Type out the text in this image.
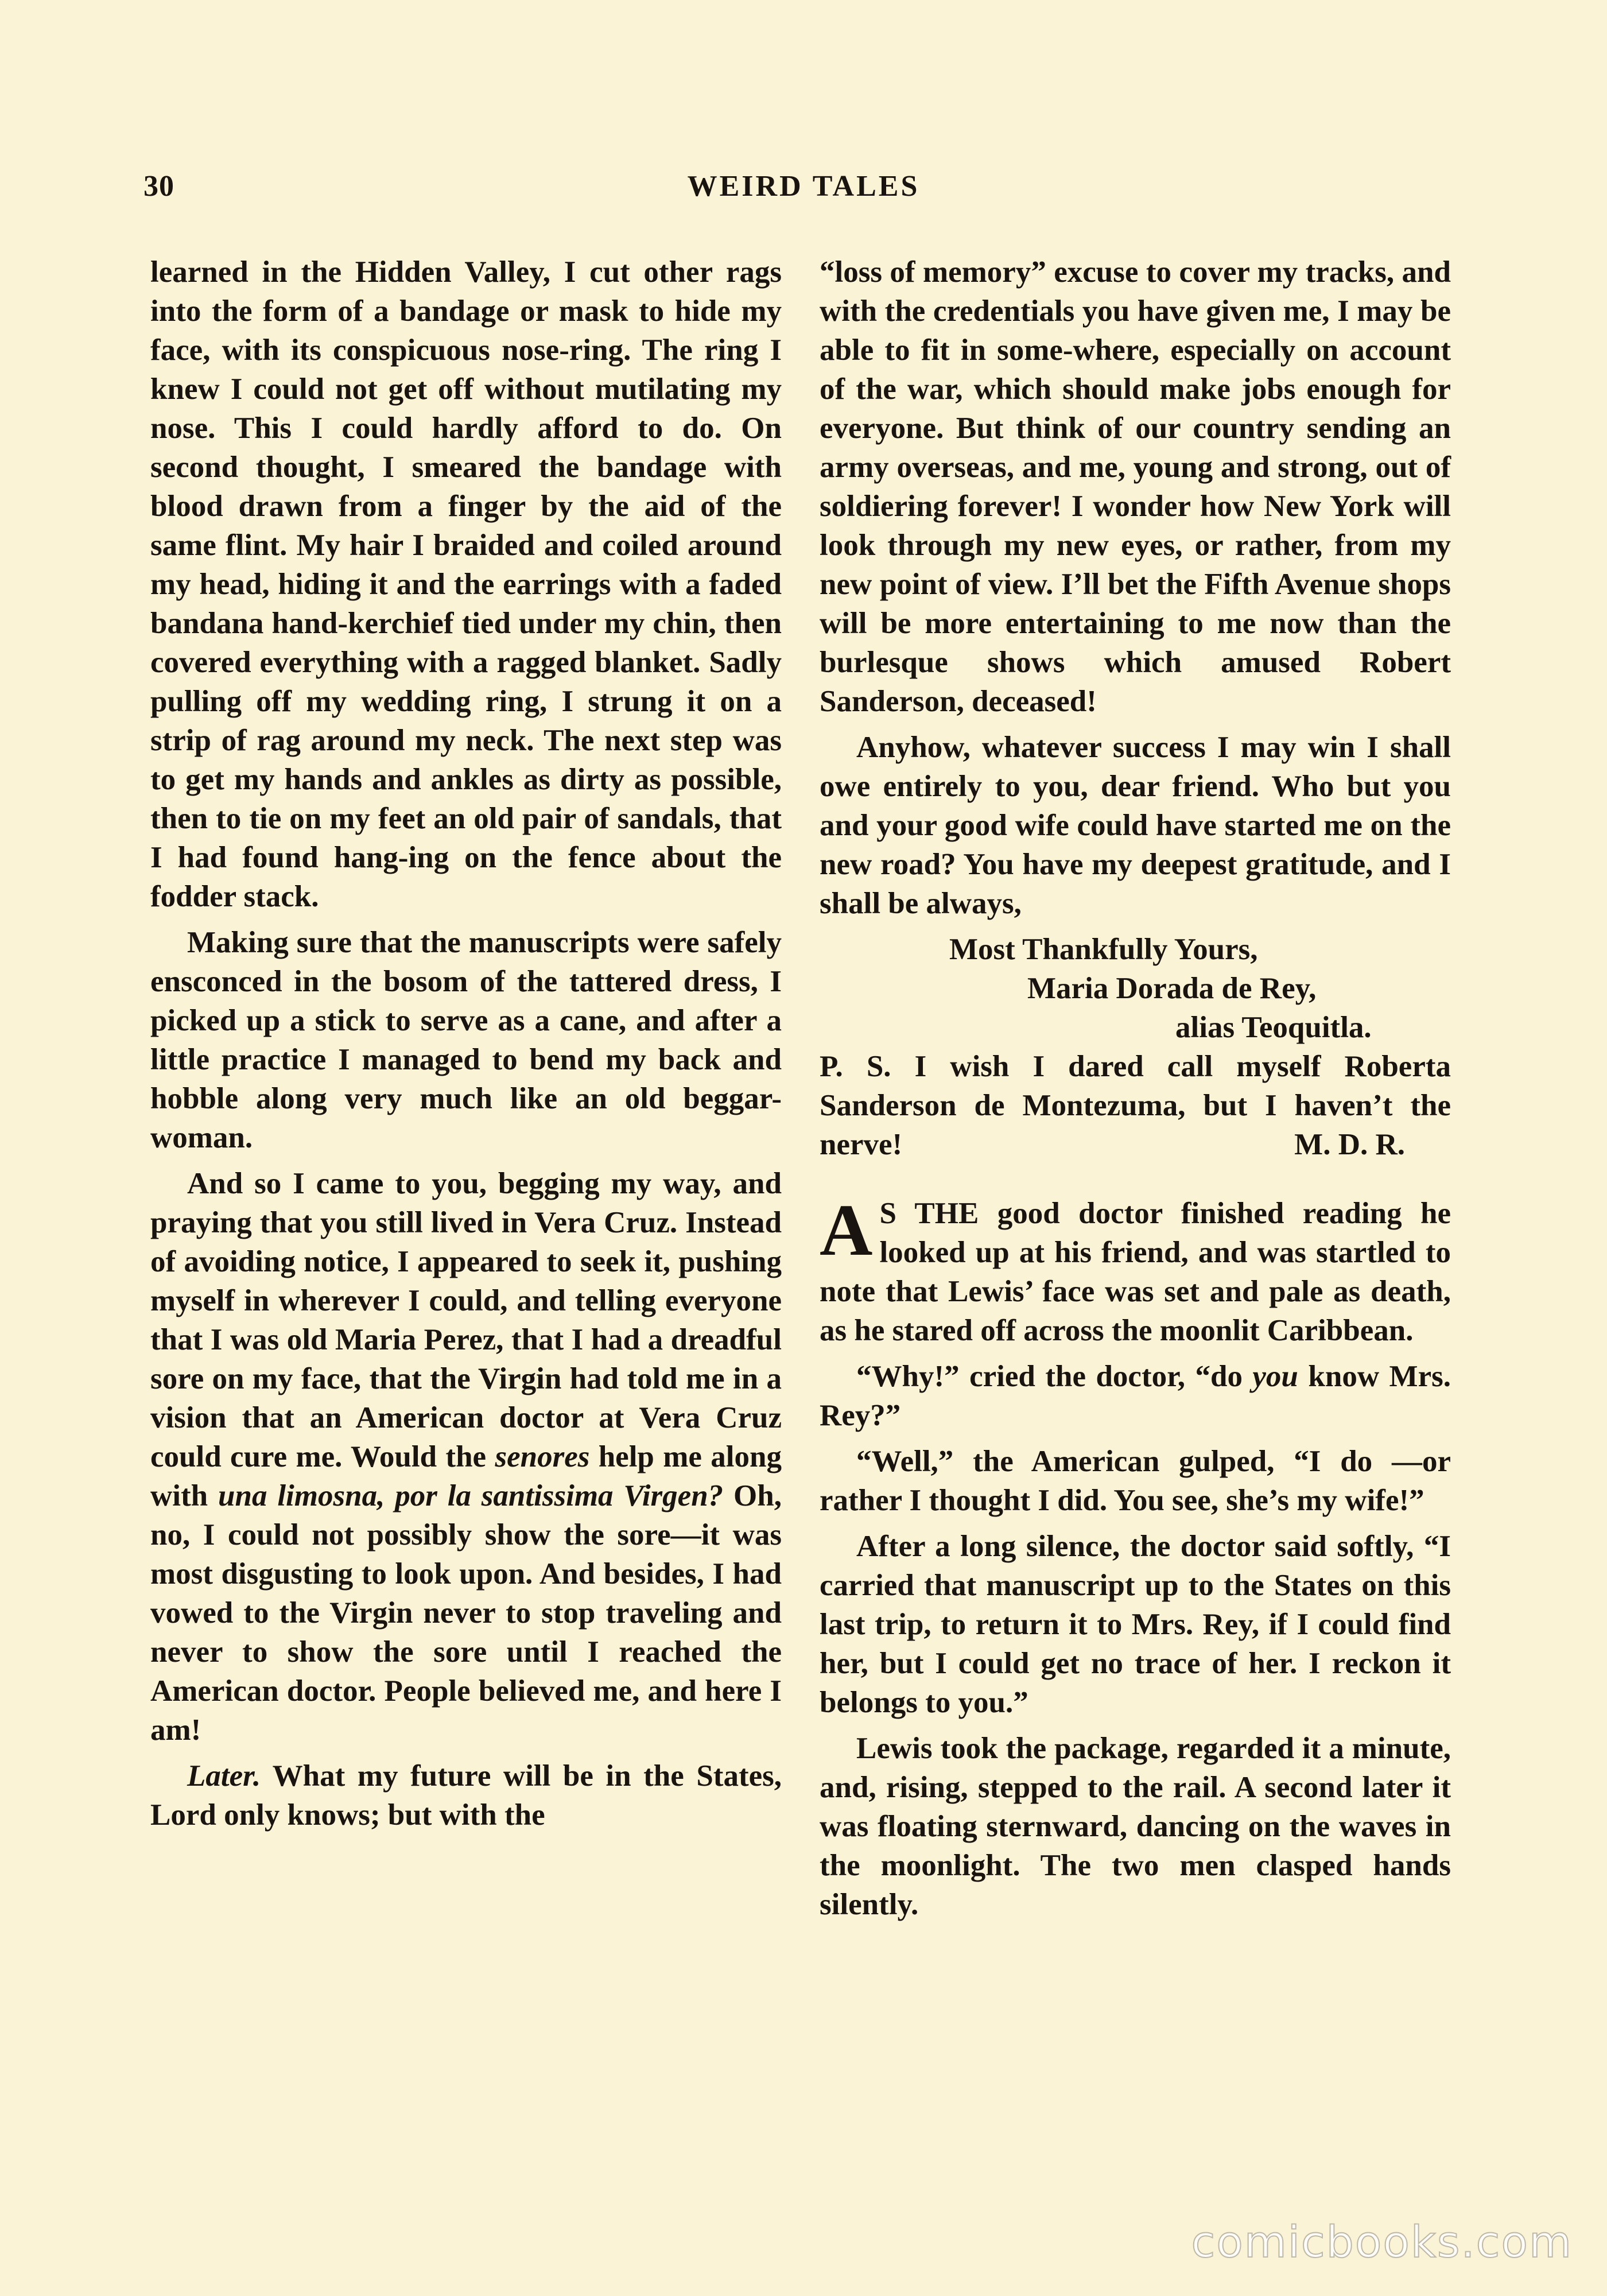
30	WEIRD TALES

learned in the Hidden Valley, I cut other rags into the form of a bandage or mask to hide my face, with its conspicuous nose-ring. The ring I knew I could not get off without mutilating my nose. This I could hardly afford to do. On second thought, I smeared the bandage with blood drawn from a finger by the aid of the same flint. My hair I braided and coiled around my head, hiding it and the earrings with a faded bandana hand-kerchief tied under my chin, then covered everything with a ragged blanket. Sadly pulling off my wedding ring, I strung it on a strip of rag around my neck. The next step was to get my hands and ankles as dirty as possible, then to tie on my feet an old pair of sandals, that I had found hang-ing on the fence about the fodder stack.

Making sure that the manuscripts were safely ensconced in the bosom of the tattered dress, I picked up a stick to serve as a cane, and after a little practice I managed to bend my back and hobble along very much like an old beggar-woman.

And so I came to you, begging my way, and praying that you still lived in Vera Cruz. Instead of avoiding notice, I appeared to seek it, pushing myself in wherever I could, and telling everyone that I was old Maria Perez, that I had a dreadful sore on my face, that the Virgin had told me in a vision that an American doctor at Vera Cruz could cure me. Would the senores help me along with una limosna, por la santissima Virgen? Oh, no, I could not possibly show the sore—it was most disgusting to look upon. And besides, I had vowed to the Virgin never to stop traveling and never to show the sore until I reached the American doctor. People believed me, and here I am!

Later. What my future will be in the States, Lord only knows; but with the

“loss of memory” excuse to cover my tracks, and with the credentials you have given me, I may be able to fit in some-where, especially on account of the war, which should make jobs enough for everyone. But think of our country sending an army overseas, and me, young and strong, out of soldiering forever! I wonder how New York will look through my new eyes, or rather, from my new point of view. I’ll bet the Fifth Avenue shops will be more entertaining to me now than the burlesque shows which amused Robert Sanderson, deceased!

Anyhow, whatever success I may win I shall owe entirely to you, dear friend. Who but you and your good wife could have started me on the new road? You have my deepest gratitude, and I shall be always,

Most Thankfully Yours,
Maria Dorada de Rey,
alias Teoquitla.

P. S. I wish I dared call myself Roberta Sanderson de Montezuma, but I haven’t the nerve!	M. D. R.

A S THE good doctor finished reading he looked up at his friend, and was startled to note that Lewis’ face was set and pale as death, as he stared off across the moonlit Caribbean.

“Why!” cried the doctor, “do you know Mrs. Rey?”

“Well,” the American gulped, “I do —or rather I thought I did. You see, she’s my wife!”

After a long silence, the doctor said softly, “I carried that manuscript up to the States on this last trip, to return it to Mrs. Rey, if I could find her, but I could get no trace of her. I reckon it belongs to you.”

Lewis took the package, regarded it a minute, and, rising, stepped to the rail. A second later it was floating sternward, dancing on the waves in the moonlight. The two men clasped hands silently.

comicbooks.com
